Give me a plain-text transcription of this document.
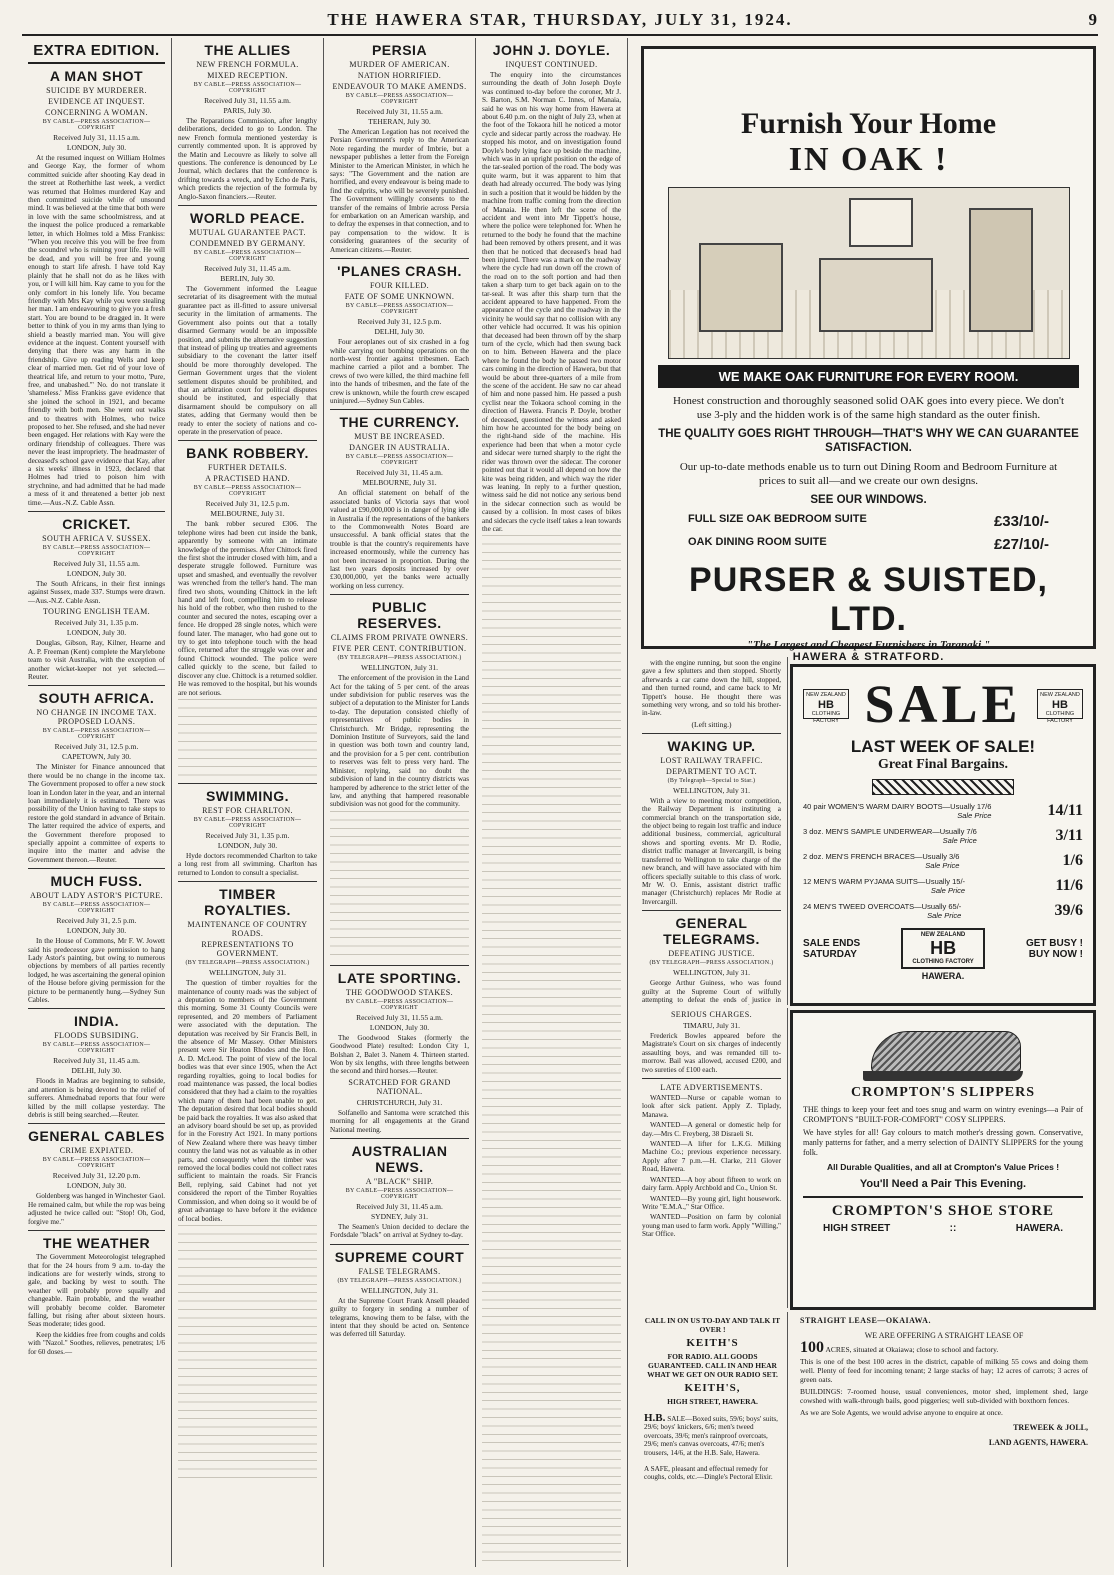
THE HAWERA STAR, THURSDAY, JULY 31, 1924.	9
EXTRA EDITION.
A MAN SHOT
SUICIDE BY MURDERER.
EVIDENCE AT INQUEST.
CONCERNING A WOMAN.
BY CABLE—PRESS ASSOCIATION—COPYRIGHT
Received July 31, 11.15 a.m.
LONDON, July 30.

At the resumed inquest on William Holmes and George Kay, the former of whom committed suicide after shooting Kay dead in the street at Rotherhithe last week, a verdict was returned that Holmes murdered Kay and then committed suicide while of unsound mind. It was believed at the time that both were in love with the same schoolmistress, and at the inquest the police produced a remarkable letter, in which Holmes told a Miss Frankiss: "When you receive this you will be free from the scoundrel who is ruining your life. He will be dead, and you will be free and young enough to start life afresh. I have told Kay plainly that he shall not do as he likes with you, or I will kill him. Kay came to you for the only comfort in his lonely life. You became friendly with Mrs Kay while you were stealing her man. I am endeavouring to give you a fresh start. You are bound to be dragged in. It were better to think of you in my arms than lying to shield a beastly married man. You will give evidence at the inquest. Content yourself with denying that there was any harm in the friendship. Give up reading Wells and keep clear of married men. Get rid of your love of theatrical life, and return to your motto, 'Pure, free, and unabashed.'" No. do not translate it 'shameless.' Miss Frankiss gave evidence that she joined the school in 1921, and became friendly with both men. She went out walks and to theatres with Holmes, who twice proposed to her. She refused, and she had never been engaged. Her relations with Kay were the ordinary friendship of colleagues. There was never the least impropriety. The headmaster of deceased's school gave evidence that Kay, after a six weeks' illness in 1923, declared that Holmes had tried to poison him with strychnine, and had admitted that he had made a mess of it and threatened a better job next time.—Aus.-N.Z. Cable Assn.

CRICKET.
SOUTH AFRICA V. SUSSEX.
BY CABLE—PRESS ASSOCIATION—COPYRIGHT
Received July 31, 11.55 a.m.
LONDON, July 30.

The South Africans, in their first innings against Sussex, made 337. Stumps were drawn.—Aus.-N.Z. Cable Assn.

TOURING ENGLISH TEAM.
Received July 31, 1.35 p.m.
LONDON, July 30.

Douglas, Gibson, Ray, Kilner, Hearne and A. P. Freeman (Kent) complete the Marylebone team to visit Australia, with the exception of another wicket-keeper not yet selected.—Reuter.

SOUTH AFRICA.
NO CHANGE IN INCOME TAX. PROPOSED LOANS.
BY CABLE—PRESS ASSOCIATION—COPYRIGHT
Received July 31, 12.5 p.m.
CAPETOWN, July 30.

The Minister for Finance announced that there would be no change in the income tax. The Government proposed to offer a new stock loan in London later in the year, and an internal loan immediately it is estimated. There was possibility of the Union having to take steps to restore the gold standard in advance of Britain. The latter required the advice of experts, and the Government therefore proposed to specially appoint a committee of experts to inquire into the matter and advise the Government thereon.—Reuter.

MUCH FUSS.
ABOUT LADY ASTOR'S PICTURE.
BY CABLE—PRESS ASSOCIATION—COPYRIGHT
Received July 31, 2.5 p.m.
LONDON, July 30.

In the House of Commons, Mr F. W. Jowett said his predecessor gave permission to hang Lady Astor's painting, but owing to numerous objections by members of all parties recently lodged, he was ascertaining the general opinion of the House before giving permission for the picture to be permanently hung.—Sydney Sun Cables.

INDIA.
FLOODS SUBSIDING.
BY CABLE—PRESS ASSOCIATION—COPYRIGHT
Received July 31, 11.45 a.m.
DELHI, July 30.

Floods in Madras are beginning to subside, and attention is being devoted to the relief of sufferers. Ahmednabad reports that four were killed by the mill collapse yesterday. The debris is still being searched.—Reuter.

GENERAL CABLES
CRIME EXPIATED.
BY CABLE—PRESS ASSOCIATION—COPYRIGHT
Received July 31, 12.20 p.m.
LONDON, July 30.

Goldenberg was hanged in Winchester Gaol. He remained calm, but while the rop was being adjusted he twice called out: "Stop! Oh, God, forgive me."

THE WEATHER

The Government Meteorologist telegraphed that for the 24 hours from 9 a.m. to-day the indications are for westerly winds, strong to gale, and backing by west to south. The weather will probably prove squally and changeable. Rain probable, and the weather will probably become colder. Barometer falling, but rising after about sixteen hours. Seas moderate; tides good.

Keep the kiddies free from coughs and colds with "Nazol." Soothes, relieves, penetrates; 1/6 for 60 doses.—

THE ALLIES
NEW FRENCH FORMULA.
MIXED RECEPTION.
BY CABLE—PRESS ASSOCIATION—COPYRIGHT
Received July 31, 11.55 a.m.
PARIS, July 30.

The Reparations Commission, after lengthy deliberations, decided to go to London. The new French formula mentioned yesterday is currently commented upon. It is approved by the Matin and Lecouvre as likely to solve all questions. The conference is denounced by Le Journal, which declares that the conference is drifting towards a wreck, and by Echo de Paris, which predicts the rejection of the formula by Anglo-Saxon financiers.—Reuter.

WORLD PEACE.
MUTUAL GUARANTEE PACT.
CONDEMNED BY GERMANY.
BY CABLE—PRESS ASSOCIATION—COPYRIGHT
Received July 31, 11.45 a.m.
BERLIN, July 30.

The Government informed the League secretariat of its disagreement with the mutual guarantee pact as ill-fitted to assure universal security in the limitation of armaments. The Government also points out that a totally disarmed Germany would be an impossible position, and submits the alternative suggestion that instead of piling up treaties and agreements subsidiary to the covenant the latter itself should be more thoroughly developed. The German Government urges that the violent settlement disputes should be prohibited, and that an arbitration court for political disputes should be instituted, and especially that disarmament should be compulsory on all states, adding that Germany would then be ready to enter the society of nations and co-operate in the preservation of peace.

BANK ROBBERY.
FURTHER DETAILS.
A PRACTISED HAND.
BY CABLE—PRESS ASSOCIATION—COPYRIGHT
Received July 31, 12.5 p.m.
MELBOURNE, July 31.

The bank robber secured £306. The telephone wires had been cut inside the bank, apparently by someone with an intimate knowledge of the premises. After Chittock fired the first shot the intruder closed with him, and a desperate struggle followed. Furniture was upset and smashed, and eventually the revolver was wrenched from the teller's hand. The man fired two shots, wounding Chittock in the left hand and left foot, compelling him to release his hold of the robber, who then rushed to the counter and secured the notes, escaping over a fence. He dropped 28 single notes, which were found later. The manager, who had gone out to try to get into telephone touch with the head office, returned after the struggle was over and found Chittock wounded. The police were called quickly to the scene, but failed to discover any clue. Chittock is a returned soldier. He was removed to the hospital, but his wounds are not serious.

SWIMMING.
REST FOR CHARLTON.
BY CABLE—PRESS ASSOCIATION—COPYRIGHT
Received July 31, 1.35 p.m.
LONDON, July 30.

Hyde doctors recommended Charlton to take a long rest from all swimming. Charlton has returned to London to consult a specialist.

TIMBER ROYALTIES.
MAINTENANCE OF COUNTRY ROADS.
REPRESENTATIONS TO GOVERNMENT.
(BY TELEGRAPH—PRESS ASSOCIATION.)
WELLINGTON, July 31.

The question of timber royalties for the maintenance of county roads was the subject of a deputation to members of the Government this morning. Some 31 County Councils were represented, and 20 members of Parliament were associated with the deputation. The deputation was received by Sir Francis Bell, in the absence of Mr Massey. Other Ministers present were Sir Heaton Rhodes and the Hon. A. D. McLeod. The point of view of the local bodies was that ever since 1905, when the Act regarding royalties, going to local bodies for road maintenance was passed, the local bodies considered that they had a claim to the royalties which many of them had been unable to get. The deputation desired that local bodies should be paid back the royalties. It was also asked that an advisory board should be set up, as provided for in the Forestry Act 1921. In many portions of New Zealand where there was heavy timber country the land was not as valuable as in other parts, and consequently when the timber was removed the local bodies could not collect rates sufficient to maintain the roads. Sir Francis Bell, replying, said Cabinet had not yet considered the report of the Timber Royalties Commission, and when doing so it would be of great advantage to have before it the evidence of local bodies.

PERSIA
MURDER OF AMERICAN.
NATION HORRIFIED.
ENDEAVOUR TO MAKE AMENDS.
BY CABLE—PRESS ASSOCIATION—COPYRIGHT
Received July 31, 11.55 a.m.
TEHERAN, July 30.

The American Legation has not received the Persian Government's reply to the American Note regarding the murder of Imbrie, but a newspaper publishes a letter from the Foreign Minister to the American Minister, in which he says: "The Government and the nation are horrified, and every endeavour is being made to find the culprits, who will be severely punished. The Government willingly consents to the transfer of the remains of Imbrie across Persia for embarkation on an American warship, and to defray the expenses in that connection, and to pay compensation to the widow. It is considering guarantees of the security of American citizens.—Reuter.

'PLANES CRASH.
FOUR KILLED.
FATE OF SOME UNKNOWN.
BY CABLE—PRESS ASSOCIATION—COPYRIGHT
Received July 31, 12.5 p.m.
DELHI, July 30.

Four aeroplanes out of six crashed in a fog while carrying out bombing operations on the north-west frontier against tribesmen. Each machine carried a pilot and a bomber. The crews of two were killed, the third machine fell into the hands of tribesmen, and the fate of the crew is unknown, while the fourth crew escaped uninjured.—Sydney Sun Cables.

THE CURRENCY.
MUST BE INCREASED.
DANGER IN AUSTRALIA.
BY CABLE—PRESS ASSOCIATION—COPYRIGHT
Received July 31, 11.45 a.m.
MELBOURNE, July 31.

An official statement on behalf of the associated banks of Victoria says that wool valued at £90,000,000 is in danger of lying idle in Australia if the representations of the bankers to the Commonwealth Notes Board are unsuccessful. A bank official states that the trouble is that the country's requirements have increased enormously, while the currency has not been increased in proportion. During the last two years deposits increased by over £30,000,000, yet the banks were actually working on less currency.

PUBLIC RESERVES.
CLAIMS FROM PRIVATE OWNERS.
FIVE PER CENT. CONTRIBUTION.
(BY TELEGRAPH—PRESS ASSOCIATION.)
WELLINGTON, July 31.

The enforcement of the provision in the Land Act for the taking of 5 per cent. of the areas under subdivision for public reserves was the subject of a deputation to the Minister for Lands to-day. The deputation consisted chiefly of representatives of public bodies in Christchurch. Mr Bridge, representing the Dominion Institute of Surveyors, said the land in question was both town and country land, and the provision for a 5 per cent. contribution to reserves was felt to press very hard. The Minister, replying, said no doubt the subdivision of land in the country districts was hampered by adherence to the strict letter of the law, and anything that hampered reasonable subdivision was not good for the community.

LATE SPORTING.
THE GOODWOOD STAKES.
BY CABLE—PRESS ASSOCIATION—COPYRIGHT
Received July 31, 11.55 a.m.
LONDON, July 30.

The Goodwood Stakes (formerly the Goodwood Plate) resulted: London City 1, Bolshan 2, Balet 3. Nanem 4. Thirteen started. Won by six lengths, with three lengths between the second and third horses.—Reuter.

SCRATCHED FOR GRAND NATIONAL.
CHRISTCHURCH, July 31.

Solfanello and Santoma were scratched this morning for all engagements at the Grand National meeting.

AUSTRALIAN NEWS.
A "BLACK" SHIP.
BY CABLE—PRESS ASSOCIATION—COPYRIGHT
Received July 31, 11.45 a.m.
SYDNEY, July 31.

The Seamen's Union decided to declare the Fordsdale "black" on arrival at Sydney to-day.

SUPREME COURT
FALSE TELEGRAMS.
(BY TELEGRAPH—PRESS ASSOCIATION.)
WELLINGTON, July 31.

At the Supreme Court Frank Ansell pleaded guilty to forgery in sending a number of telegrams, knowing them to be false, with the intent that they should be acted on. Sentence was deferred till Saturday.

JOHN J. DOYLE.
INQUEST CONTINUED.

The enquiry into the circumstances surrounding the death of John Joseph Doyle was continued to-day before the coroner, Mr J. S. Barton, S.M. Norman C. Innes, of Manaia, said he was on his way home from Hawera at about 6.40 p.m. on the night of July 23, when at the foot of the Tokaora hill he noticed a motor cycle and sidecar partly across the roadway. He stopped his motor, and on investigation found Doyle's body lying face up beside the machine, which was in an upright position on the edge of the tar-sealed portion of the road. The body was quite warm, but it was apparent to him that death had already occurred. The body was lying in such a position that it would be hidden by the machine from traffic coming from the direction of Manaia. He then left the scene of the accident and went into Mr Tippett's house, where the police were telephoned for. When he returned to the body he found that the machine had been removed by others present, and it was then that he noticed that deceased's head had been injured. There was a mark on the roadway where the cycle had run down off the crown of the road on to the soft portion and had then taken a sharp turn to get back again on to the tar-seal. It was after this sharp turn that the accident appeared to have happened. From the appearance of the cycle and the roadway in the vicinity he would say that no collision with any other vehicle had occurred. It was his opinion that deceased had been thrown off by the sharp turn of the cycle, which had then swung back on to him. Between Hawera and the place where he found the body he passed two motor cars coming in the direction of Hawera, but that would be about three-quarters of a mile from the scene of the accident. He saw no car ahead of him and none passed him. He passed a push cyclist near the Tokaora school coming in the direction of Hawera. Francis P. Doyle, brother of deceased, questioned the witness and asked him how he accounted for the body being on the right-hand side of the machine. His experience had been that when a motor cycle and sidecar were turned sharply to the right the rider was thrown over the sidecar. The coroner pointed out that it would all depend on how the kite was being ridden, and which way the rider was leaning. In reply to a further question, witness said he did not notice any serious bend in the sidecar connection such as would be caused by a collision. In most cases of bikes and sidecars the cycle itself takes a lean towards the car.

Furnish Your Home
IN OAK !
WE MAKE OAK FURNITURE FOR EVERY ROOM.
Honest construction and thoroughly seasoned solid OAK goes into every piece. We don't use 3-ply and the hidden work is of the same high standard as the outer finish.
THE QUALITY GOES RIGHT THROUGH—THAT'S WHY WE CAN GUARANTEE SATISFACTION.
Our up-to-date methods enable us to turn out Dining Room and Bedroom Furniture at prices to suit all—and we create our own designs.
SEE OUR WINDOWS.
FULL SIZE OAK BEDROOM SUITE	£33/10/-
OAK DINING ROOM SUITE	£27/10/-
PURSER & SUISTED, LTD.
"The Largest and Cheapest Furnishers in Taranaki."
HAWERA & STRATFORD.

with the engine running, but soon the engine gave a few splutters and then stopped. Shortly afterwards a car came down the hill, stopped, and then turned round, and came back to Mr Tippett's house. He thought there was something very wrong, and so told his brother-in-law.

(Left sitting.)
WAKING UP.
LOST RAILWAY TRAFFIC.
DEPARTMENT TO ACT.
(By Telegraph—Special to Star.)
WELLINGTON, July 31.

With a view to meeting motor competition, the Railway Department is instituting a commercial branch on the transportation side, the object being to regain lost traffic and induce additional business, commercial, agricultural shows and sporting events. Mr D. Rodie, district traffic manager at Invercargill, is being transferred to Wellington to take charge of the new branch, and will have associated with him officers specially suitable to this class of work. Mr W. O. Ennis, assistant district traffic manager (Christchurch) replaces Mr Rodie at Invercargill.

GENERAL TELEGRAMS.
DEFEATING JUSTICE.
(BY TELEGRAPH—PRESS ASSOCIATION.)
WELLINGTON, July 31.

George Arthur Guiness, who was found guilty at the Supreme Court of wilfully attempting to defeat the ends of justice in

SERIOUS CHARGES.
TIMARU, July 31.

Frederick Bowles appeared before the Magistrate's Court on six charges of indecently assaulting boys, and was remanded till to-morrow. Bail was allowed, accused £200, and two sureties of £100 each.

LATE ADVERTISEMENTS.

WANTED—Nurse or capable woman to look after sick patient. Apply Z. Tiplady, Manawa.

WANTED—A general or domestic help for day.—Mrs C. Freyberg, 38 Disraeli St.

WANTED—A lifter for L.K.G. Milking Machine Co.; previous experience necessary. Apply after 7 p.m.—H. Clarke, 211 Glover Road, Hawera.

WANTED—A boy about fifteen to work on dairy farm. Apply Archbold and Co., Union St.

WANTED—By young girl, light housework. Write "E.M.A.," Star Office.

WANTED—Position on farm by colonial young man used to farm work. Apply "Willing," Star Office.

NEW ZEALAND
HB
CLOTHING FACTORY SALE	NEW ZEALAND
HB
CLOTHING FACTORY
LAST WEEK OF SALE!
Great Final Bargains.
40 pair WOMEN'S WARM DAIRY BOOTS—Usually 17/6
Sale Price	14/11
3 doz. MEN'S SAMPLE UNDERWEAR—Usually 7/6
Sale Price	3/11
2 doz. MEN'S FRENCH BRACES—Usually 3/6
Sale Price	1/6
12 MEN'S WARM PYJAMA SUITS—Usually 15/-
Sale Price	11/6
24 MEN'S TWEED OVERCOATS—Usually 65/-
Sale Price	39/6
SALE ENDS
SATURDAY
NEW ZEALAND
HB
CLOTHING FACTORY
GET BUSY !
BUY NOW !
HAWERA.
CROMPTON'S SLIPPERS
THE things to keep your feet and toes snug and warm on wintry evenings—a Pair of CROMPTON'S "BUILT-FOR-COMFORT" COSY SLIPPERS.
We have styles for all! Gay colours to match mother's dressing gown. Conservative, manly patterns for father, and a merry selection of DAINTY SLIPPERS for the young folk.
All Durable Qualities, and all at Crompton's Value Prices !
You'll Need a Pair This Evening.
CROMPTON'S SHOE STORE
HIGH STREET	::	HAWERA.
CALL IN ON US TO-DAY AND TALK IT OVER !
KEITH'S
FOR RADIO. ALL GOODS GUARANTEED. CALL IN AND HEAR WHAT WE GET ON OUR RADIO SET.
KEITH'S,
HIGH STREET, HAWERA.
H.B. SALE—Boxed suits, 59/6; boys' suits, 29/6; boys' knickers, 6/6; men's tweed overcoats, 39/6; men's rainproof overcoats, 29/6; men's canvas overcoats, 47/6; men's trousers, 14/6, at the H.B. Sale, Hawera.
A SAFE, pleasant and effectual remedy for coughs, colds, etc.—Dingle's Pectoral Elixir.
STRAIGHT LEASE—OKAIAWA.
WE ARE OFFERING A STRAIGHT LEASE OF
100 ACRES, situated at Okaiawa; close to school and factory.
This is one of the best 100 acres in the district, capable of milking 55 cows and doing them well. Plenty of feed for incoming tenant; 2 large stacks of hay; 12 acres of carrots; 3 acres of green oats.
BUILDINGS: 7-roomed house, usual conveniences, motor shed, implement shed, large cowshed with walk-through bails, good piggeries; well sub-divided with boxthorn fences.
As we are Sole Agents, we would advise anyone to enquire at once.
TREWEEK & JOLL,
LAND AGENTS, HAWERA.
